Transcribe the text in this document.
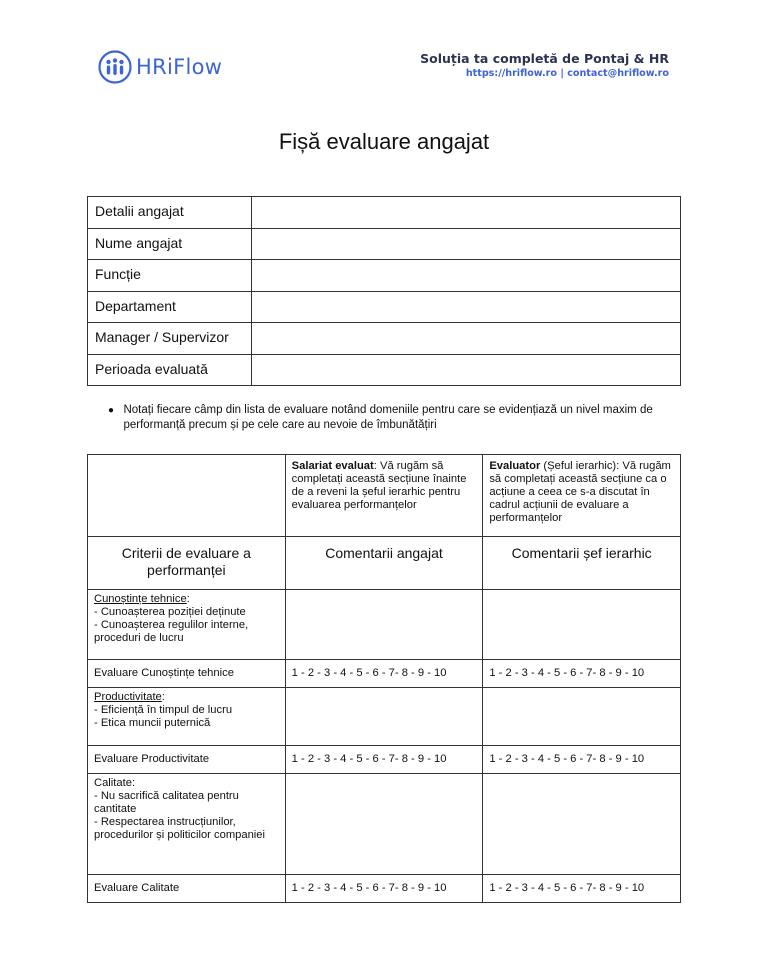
HRiFlow	Soluția ta completă de Pontaj & HR
https://hriflow.ro | contact@hriflow.ro
Fișă evaluare angajat
Detalii angajat	
Nume angajat	
Funcție	
Departament	
Manager / Supervizor	
Perioada evaluată	
● Notați fiecare câmp din lista de evaluare notând domeniile pentru care se evidențiază un nivel maxim de performanță precum și pe cele care au nevoie de îmbunătățiri
	Salariat evaluat: Vă rugăm să completați această secțiune înainte de a reveni la șeful ierarhic pentru evaluarea performanțelor	Evaluator (Șeful ierarhic): Vă rugăm să completați această secțiune ca o acțiune a ceea ce s-a discutat în cadrul acțiunii de evaluare a performanțelor
Criterii de evaluare a performanței	Comentarii angajat	Comentarii șef ierarhic
Cunoștințe tehnice:
- Cunoașterea poziției deținute
- Cunoașterea regulilor interne, proceduri de lucru		
Evaluare Cunoștințe tehnice	1 - 2 - 3 - 4 - 5 - 6 - 7- 8 - 9 - 10	1 - 2 - 3 - 4 - 5 - 6 - 7- 8 - 9 - 10
Productivitate:
- Eficiență în timpul de lucru
- Etica muncii puternică		
Evaluare Productivitate	1 - 2 - 3 - 4 - 5 - 6 - 7- 8 - 9 - 10	1 - 2 - 3 - 4 - 5 - 6 - 7- 8 - 9 - 10
Calitate:
- Nu sacrifică calitatea pentru cantitate
- Respectarea instrucțiunilor, procedurilor și politicilor companiei		
Evaluare Calitate	1 - 2 - 3 - 4 - 5 - 6 - 7- 8 - 9 - 10	1 - 2 - 3 - 4 - 5 - 6 - 7- 8 - 9 - 10
